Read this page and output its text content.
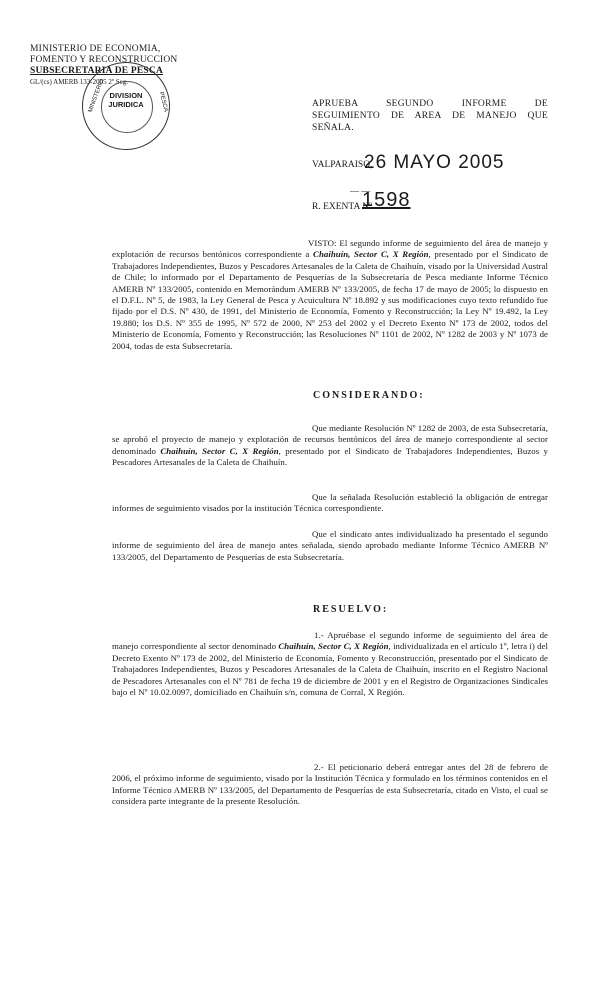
MINISTERIO DE ECONOMIA,
FOMENTO Y RECONSTRUCCION
SUBSECRETARIA DE PESCA
GL/(cs) AMERB 133-2005 2º Seg.
MINISTERIO	PESCA
DIVISION
JURIDICA	APRUEBA SEGUNDO INFORME DE
SEGUIMIENTO DE AREA DE MANEJO QUE
SEÑALA.
VALPARAISO,
26 MAYO 2005
— —
R. EXENTA Nº
1598
VISTO: El segundo informe de seguimiento del área de manejo y explotación de recursos bentónicos correspondiente a Chaihuín, Sector C, X Región, presentado por el Sindicato de Trabajadores Independientes, Buzos y Pescadores Artesanales de la Caleta de Chaihuín, visado por la Universidad Austral de Chile; lo informado por el Departamento de Pesquerías de la Subsecretaría de Pesca mediante Informe Técnico AMERB Nº 133/2005, contenido en Memorándum AMERB Nº 133/2005, de fecha 17 de mayo de 2005; lo dispuesto en el D.F.L. Nº 5, de 1983, la Ley General de Pesca y Acuicultura Nº 18.892 y sus modificaciones cuyo texto refundido fue fijado por el D.S. Nº 430, de 1991, del Ministerio de Economía, Fomento y Reconstrucción; la Ley Nº 19.492, la Ley 19.880; los D.S. Nº 355 de 1995, Nº 572 de 2000, Nº 253 del 2002 y el Decreto Exento Nº 173 de 2002, todos del Ministerio de Economía, Fomento y Reconstrucción; las Resoluciones Nº 1101 de 2002, Nº 1282 de 2003 y Nº 1073 de 2004, todas de esta Subsecretaría.
CONSIDERANDO:
Que mediante Resolución Nº 1282 de 2003, de esta Subsecretaría, se aprobó el proyecto de manejo y explotación de recursos bentónicos del área de manejo correspondiente al sector denominado Chaihuín, Sector C, X Región, presentado por el Sindicato de Trabajadores Independientes, Buzos y Pescadores Artesanales de la Caleta de Chaihuín.
Que la señalada Resolución estableció la obligación de entregar informes de seguimiento visados por la institución Técnica correspondiente.
Que el sindicato antes individualizado ha presentado el segundo informe de seguimiento del área de manejo antes señalada, siendo aprobado mediante Informe Técnico AMERB Nº 133/2005, del Departamento de Pesquerías de esta Subsecretaría.
RESUELVO:
1.- Apruébase el segundo informe de seguimiento del área de manejo correspondiente al sector denominado Chaihuín, Sector C, X Región, individualizada en el artículo 1º, letra i) del Decreto Exento Nº 173 de 2002, del Ministerio de Economía, Fomento y Reconstrucción, presentado por el Sindicato de Trabajadores Independientes, Buzos y Pescadores Artesanales de la Caleta de Chaihuín, inscrito en el Registro Nacional de Pescadores Artesanales con el Nº 781 de fecha 19 de diciembre de 2001 y en el Registro de Organizaciones Sindicales bajo el Nº 10.02.0097, domiciliado en Chaihuín s/n, comuna de Corral, X Región.
2.- El peticionario deberá entregar antes del 28 de febrero de 2006, el próximo informe de seguimiento, visado por la Institución Técnica y formulado en los términos contenidos en el Informe Técnico AMERB Nº 133/2005, del Departamento de Pesquerías de esta Subsecretaría, citado en Visto, el cual se considera parte integrante de la presente Resolución.
